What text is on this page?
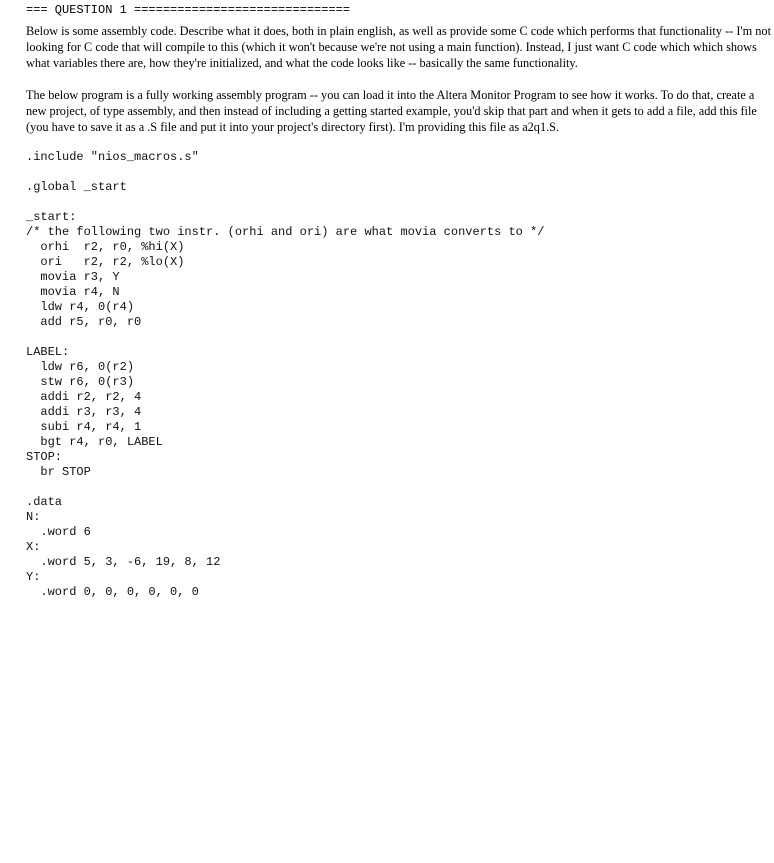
=== QUESTION 1 ==============================

Below is some assembly code. Describe what it does, both in plain english, as well as provide some C code which performs that functionality -- I'm not looking for C code that will compile to this (which it won't because we're not using a main function). Instead, I just want C code which which shows what variables there are, how they're initialized, and what the code looks like -- basically the same functionality.

The below program is a fully working assembly program -- you can load it into the Altera Monitor Program to see how it works. To do that, create a new project, of type assembly, and then instead of including a getting started example, you'd skip that part and when it gets to add a file, add this file (you have to save it as a .S file and put it into your project's directory first). I'm providing this file as a2q1.S.

.include "nios_macros.s"
.global _start
_start:
/* the following two instr. (orhi and ori) are what movia converts to */
orhi  r2, r0, %hi(X)
ori   r2, r2, %lo(X)
movia r3, Y
movia r4, N
ldw r4, 0(r4)
add r5, r0, r0
LABEL:
ldw r6, 0(r2)
stw r6, 0(r3)
addi r2, r2, 4
addi r3, r3, 4
subi r4, r4, 1
bgt r4, r0, LABEL
STOP:
br STOP
.data
N:
.word 6
X:
.word 5, 3, -6, 19, 8, 12
Y:
.word 0, 0, 0, 0, 0, 0
